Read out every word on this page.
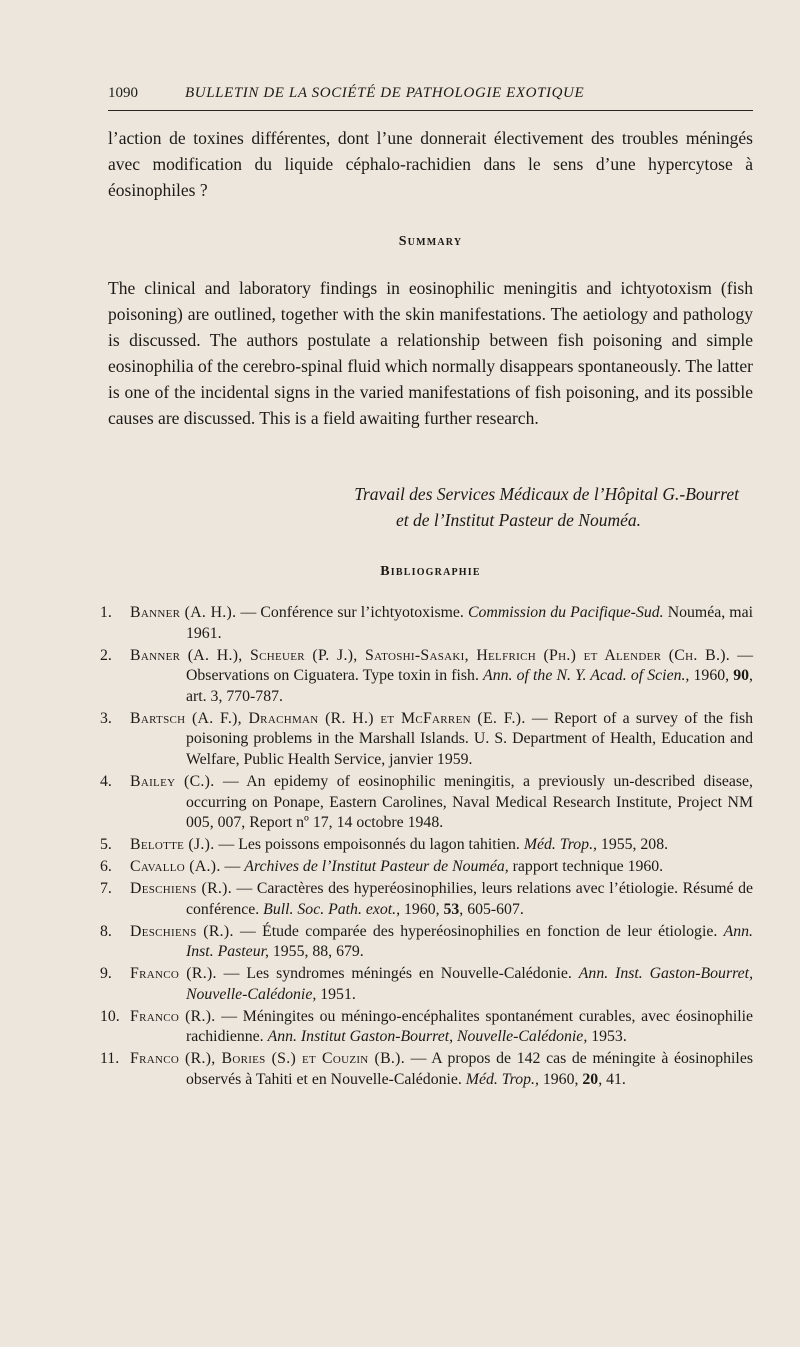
1090	BULLETIN DE LA SOCIÉTÉ DE PATHOLOGIE EXOTIQUE

l’action de toxines différentes, dont l’une donnerait électivement des troubles méningés avec modification du liquide céphalo-rachidien dans le sens d’une hypercytose à éosinophiles ?

Summary

The clinical and laboratory findings in eosinophilic meningitis and ichtyotoxism (fish poisoning) are outlined, together with the skin manifestations. The aetiology and pathology is discussed. The authors postulate a relationship between fish poisoning and simple eosinophilia of the cerebro-spinal fluid which normally disappears spontaneously. The latter is one of the incidental signs in the varied manifestations of fish poisoning, and its possible causes are discussed. This is a field awaiting further research.

Travail des Services Médicaux de l’Hôpital G.-Bourret
et de l’Institut Pasteur de Nouméa.
Bibliographie
1. Banner (A. H.). — Conférence sur l’ichtyotoxisme. Commission du Pacifique-Sud. Nouméa, mai 1961.
2. Banner (A. H.), Scheuer (P. J.), Satoshi-Sasaki, Helfrich (Ph.) et Alender (Ch. B.). — Observations on Ciguatera. Type toxin in fish. Ann. of the N. Y. Acad. of Scien., 1960, 90, art. 3, 770-787.
3. Bartsch (A. F.), Drachman (R. H.) et McFarren (E. F.). — Report of a survey of the fish poisoning problems in the Marshall Islands. U. S. Department of Health, Education and Welfare, Public Health Service, janvier 1959.
4. Bailey (C.). — An epidemy of eosinophilic meningitis, a previously un-described disease, occurring on Ponape, Eastern Carolines, Naval Medical Research Institute, Project NM 005, 007, Report nº 17, 14 octobre 1948.
5. Belotte (J.). — Les poissons empoisonnés du lagon tahitien. Méd. Trop., 1955, 208.
6. Cavallo (A.). — Archives de l’Institut Pasteur de Nouméa, rapport technique 1960.
7. Deschiens (R.). — Caractères des hyperéosinophilies, leurs relations avec l’étiologie. Résumé de conférence. Bull. Soc. Path. exot., 1960, 53, 605-607.
8. Deschiens (R.). — Étude comparée des hyperéosinophilies en fonction de leur étiologie. Ann. Inst. Pasteur, 1955, 88, 679.
9. Franco (R.). — Les syndromes méningés en Nouvelle-Calédonie. Ann. Inst. Gaston-Bourret, Nouvelle-Calédonie, 1951.
10. Franco (R.). — Méningites ou méningo-encéphalites spontanément curables, avec éosinophilie rachidienne. Ann. Institut Gaston-Bourret, Nouvelle-Calédonie, 1953.
11. Franco (R.), Bories (S.) et Couzin (B.). — A propos de 142 cas de méningite à éosinophiles observés à Tahiti et en Nouvelle-Calédonie. Méd. Trop., 1960, 20, 41.
